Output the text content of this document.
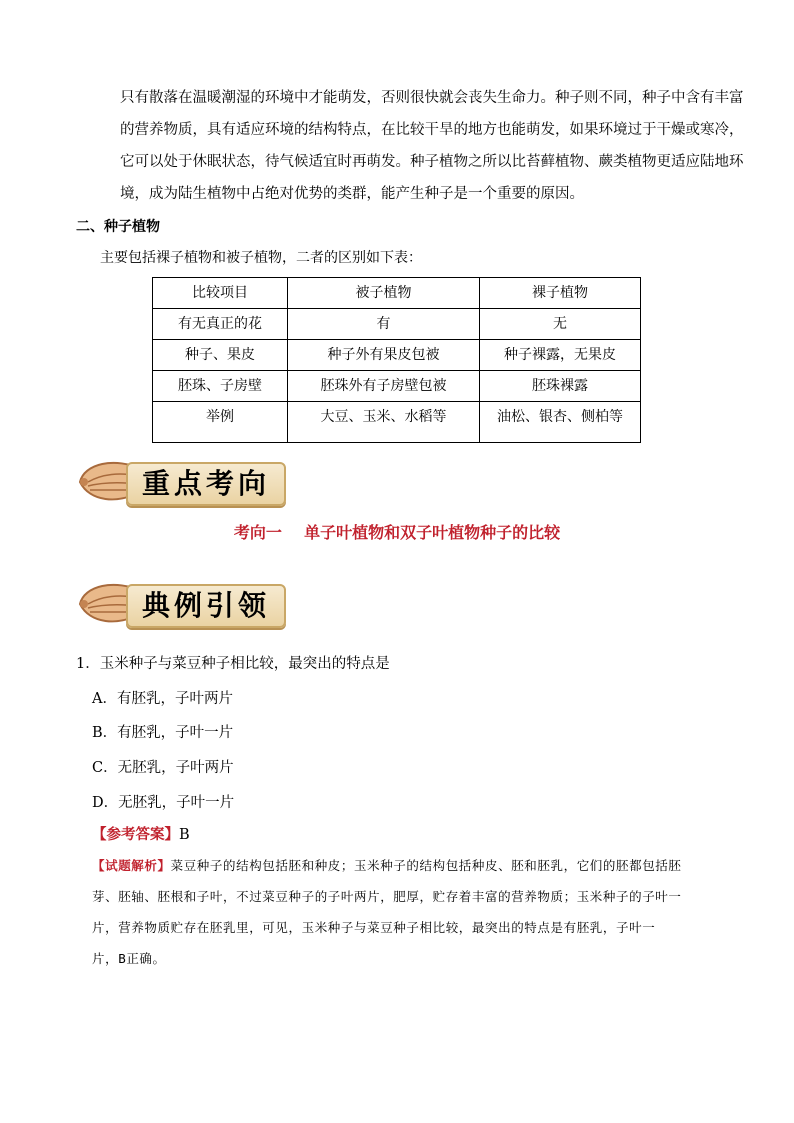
只有散落在温暖潮湿的环境中才能萌发，否则很快就会丧失生命力。种子则不同，种子中含有丰富

的营养物质，具有适应环境的结构特点，在比较干旱的地方也能萌发，如果环境过于干燥或寒冷，

它可以处于休眠状态，待气候适宜时再萌发。种子植物之所以比苔藓植物、蕨类植物更适应陆地环

境，成为陆生植物中占绝对优势的类群，能产生种子是一个重要的原因。

二、种子植物
主要包括裸子植物和被子植物，二者的区别如下表：
比较项目	被子植物	裸子植物
有无真正的花	有	无
种子、果皮	种子外有果皮包被	种子裸露，无果皮
胚珠、子房壁	胚珠外有子房壁包被	胚珠裸露
举例	大豆、玉米、水稻等	油松、银杏、侧柏等
重点考向
考向一    单子叶植物和双子叶植物种子的比较
典例引领
1．玉米种子与菜豆种子相比较，最突出的特点是
A．有胚乳，子叶两片
B．有胚乳，子叶一片
C．无胚乳，子叶两片
D．无胚乳，子叶一片
【参考答案】B

【试题解析】菜豆种子的结构包括胚和种皮；玉米种子的结构包括种皮、胚和胚乳，它们的胚都包括胚

芽、胚轴、胚根和子叶，不过菜豆种子的子叶两片，肥厚，贮存着丰富的营养物质；玉米种子的子叶一

片，营养物质贮存在胚乳里，可见，玉米种子与菜豆种子相比较，最突出的特点是有胚乳，子叶一

片，B正确。
